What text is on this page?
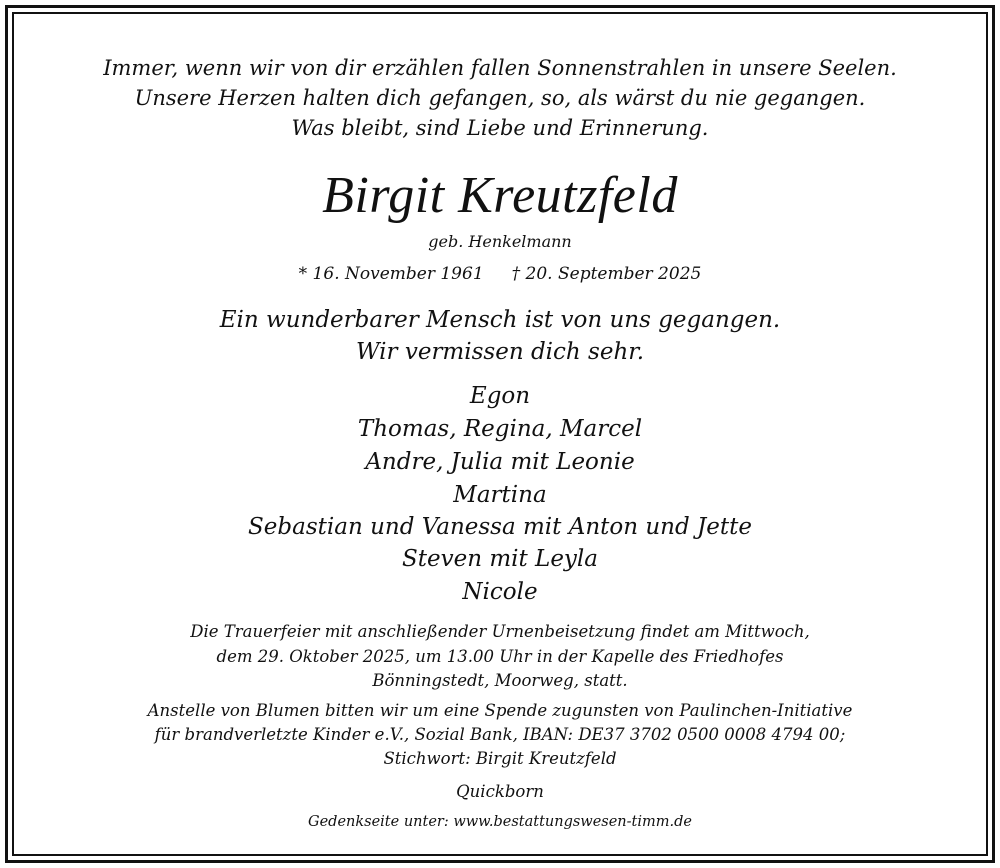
Immer, wenn wir von dir erzählen fallen Sonnenstrahlen in unsere Seelen.
Unsere Herzen halten dich gefangen, so, als wärst du nie gegangen.
Was bleibt, sind Liebe und Erinnerung.
Birgit Kreutzfeld
geb. Henkelmann
* 16. November 1961 † 20. September 2025
Ein wunderbarer Mensch ist von uns gegangen.
Wir vermissen dich sehr.
Egon
Thomas, Regina, Marcel
Andre, Julia mit Leonie
Martina
Sebastian und Vanessa mit Anton und Jette
Steven mit Leyla
Nicole
Die Trauerfeier mit anschließender Urnenbeisetzung findet am Mittwoch,
dem 29. Oktober 2025, um 13.00 Uhr in der Kapelle des Friedhofes
Bönningstedt, Moorweg, statt.
Anstelle von Blumen bitten wir um eine Spende zugunsten von Paulinchen-Initiative
für brandverletzte Kinder e.V., Sozial Bank, IBAN: DE37 3702 0500 0008 4794 00;
Stichwort: Birgit Kreutzfeld
Quickborn
Gedenkseite unter: www.bestattungswesen-timm.de
